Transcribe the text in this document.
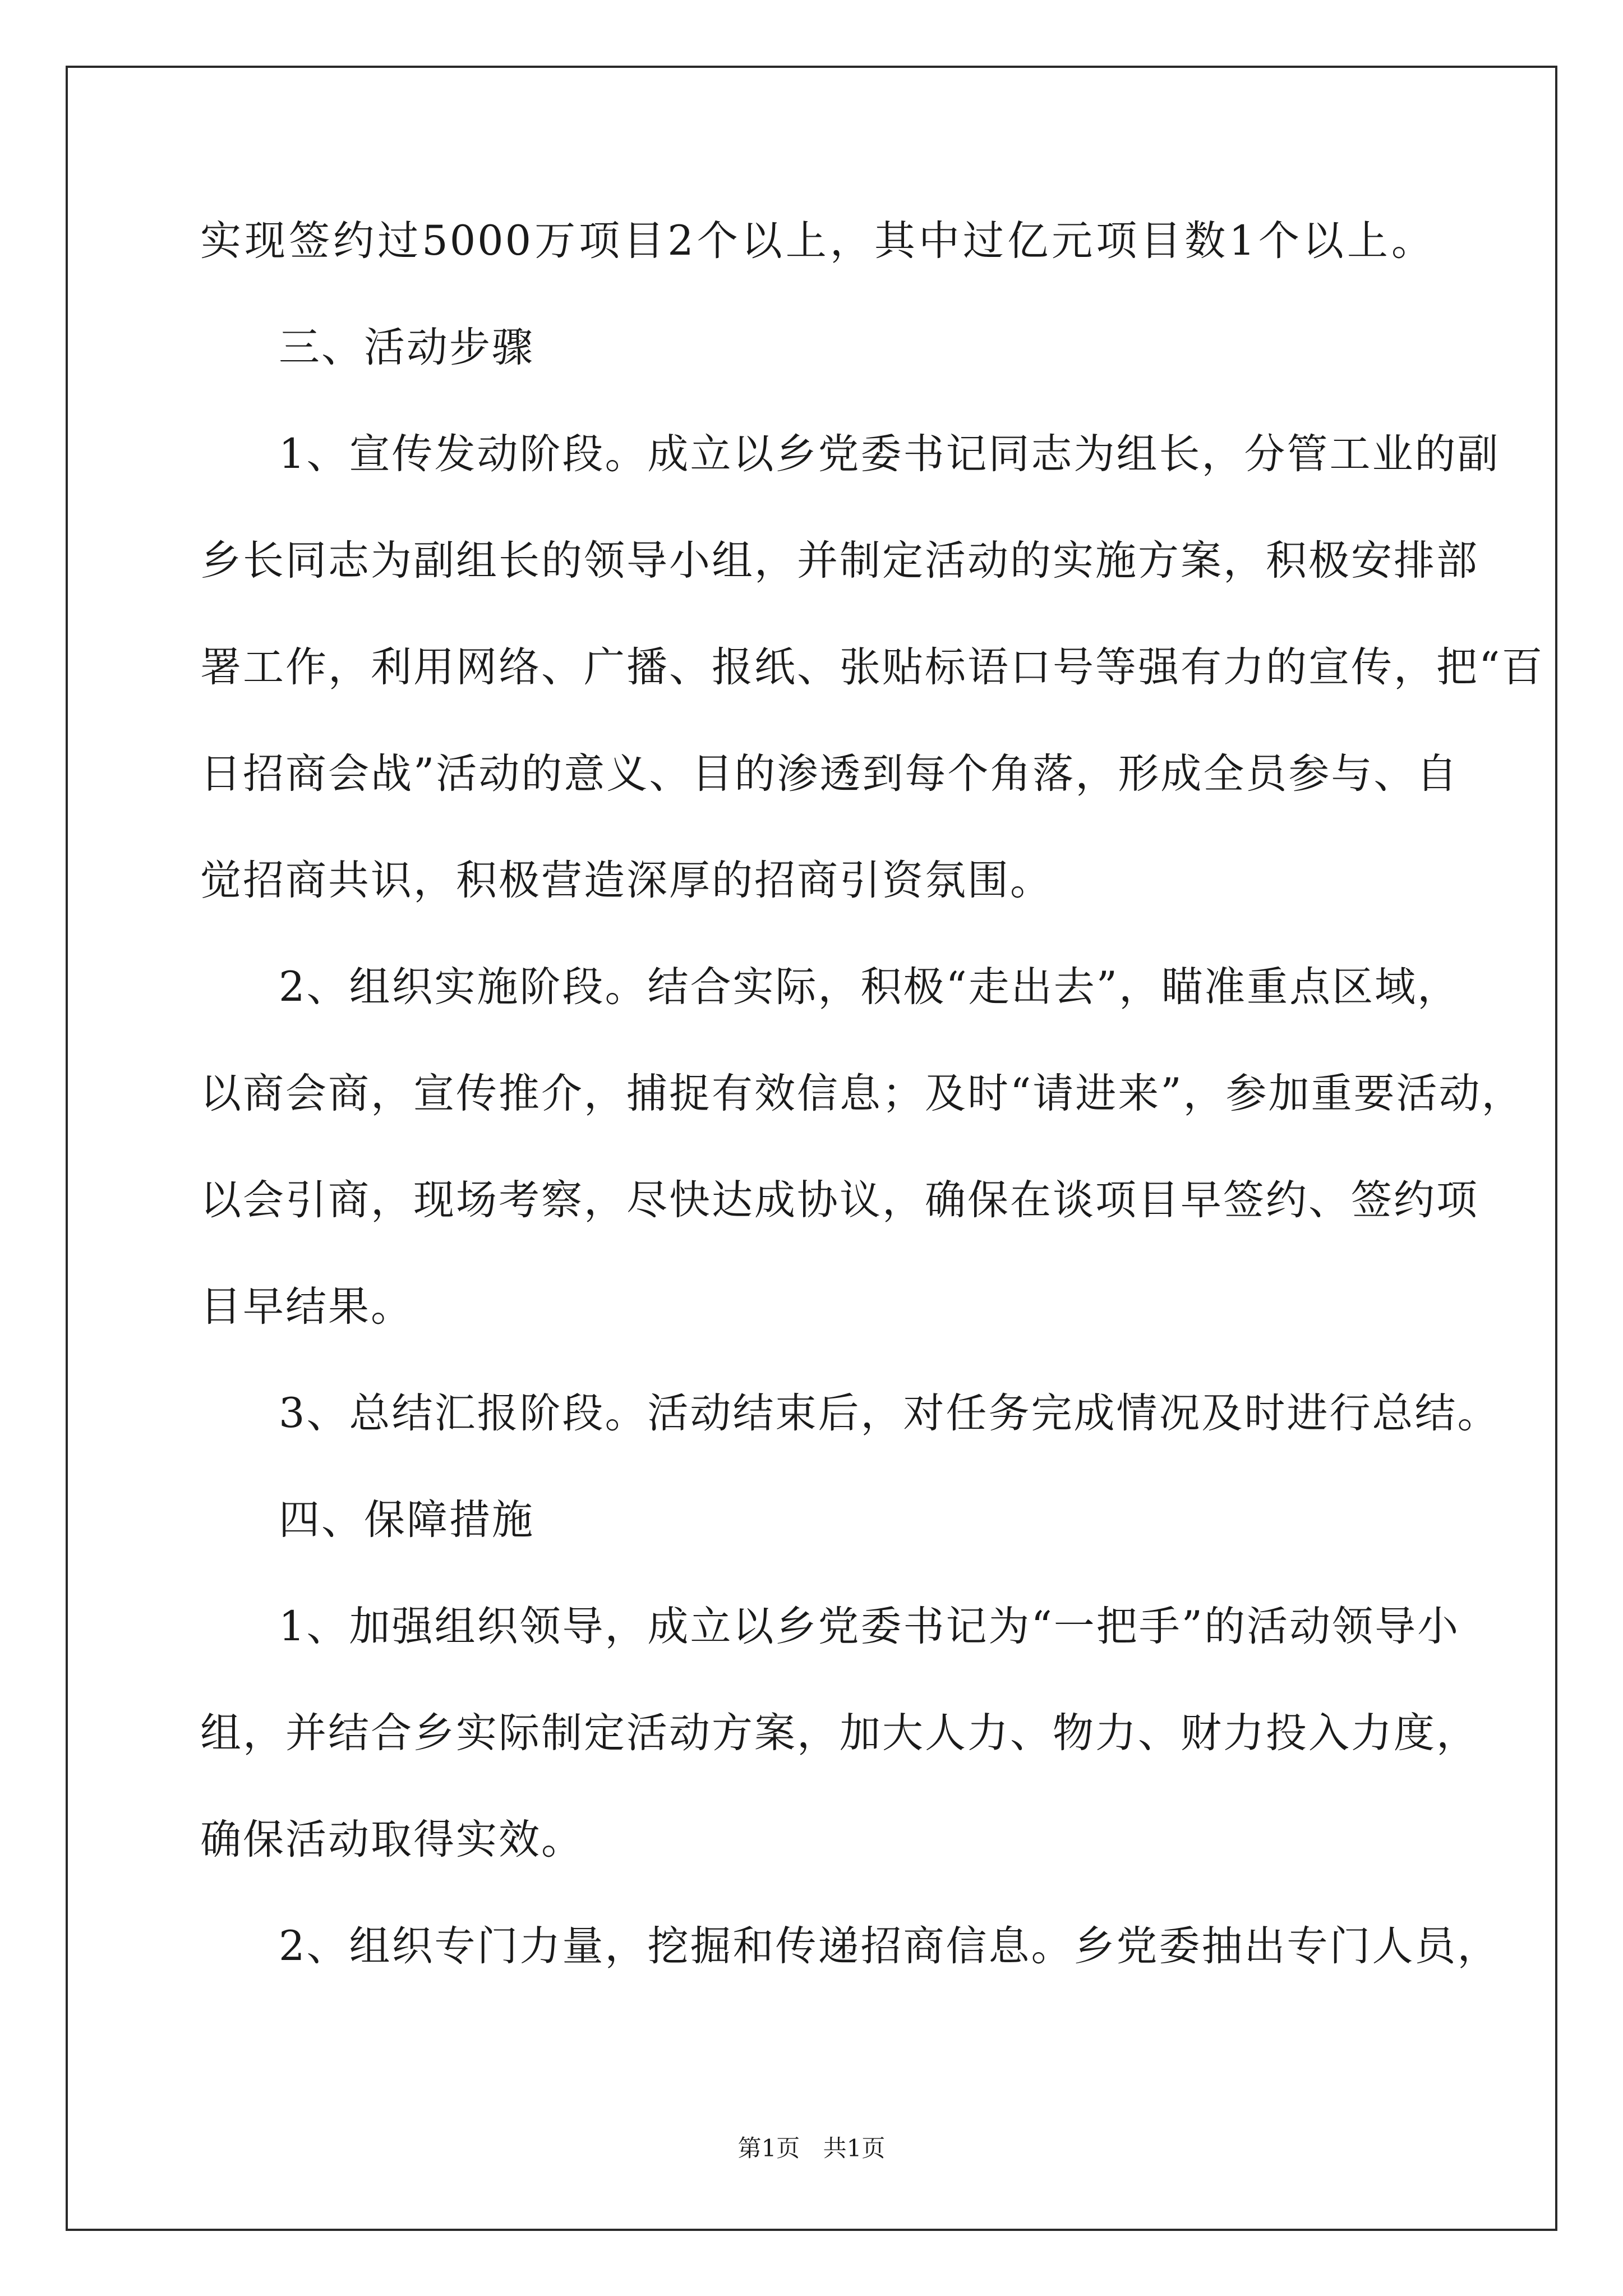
实现签约过5000万项目2个以上，其中过亿元项目数1个以上。
三、活动步骤
1、宣传发动阶段。成立以乡党委书记同志为组长，分管工业的副
乡长同志为副组长的领导小组，并制定活动的实施方案，积极安排部
署工作，利用网络、广播、报纸、张贴标语口号等强有力的宣传，把“百
日招商会战”活动的意义、目的渗透到每个角落，形成全员参与、自
觉招商共识，积极营造深厚的招商引资氛围。
2、组织实施阶段。结合实际，积极“走出去”，瞄准重点区域，
以商会商，宣传推介，捕捉有效信息；及时“请进来”，参加重要活动，
以会引商，现场考察，尽快达成协议，确保在谈项目早签约、签约项
目早结果。
3、总结汇报阶段。活动结束后，对任务完成情况及时进行总结。
四、保障措施
1、加强组织领导，成立以乡党委书记为“一把手”的活动领导小
组，并结合乡实际制定活动方案，加大人力、物力、财力投入力度，
确保活动取得实效。
2、组织专门力量，挖掘和传递招商信息。乡党委抽出专门人员，
第1页 共1页
